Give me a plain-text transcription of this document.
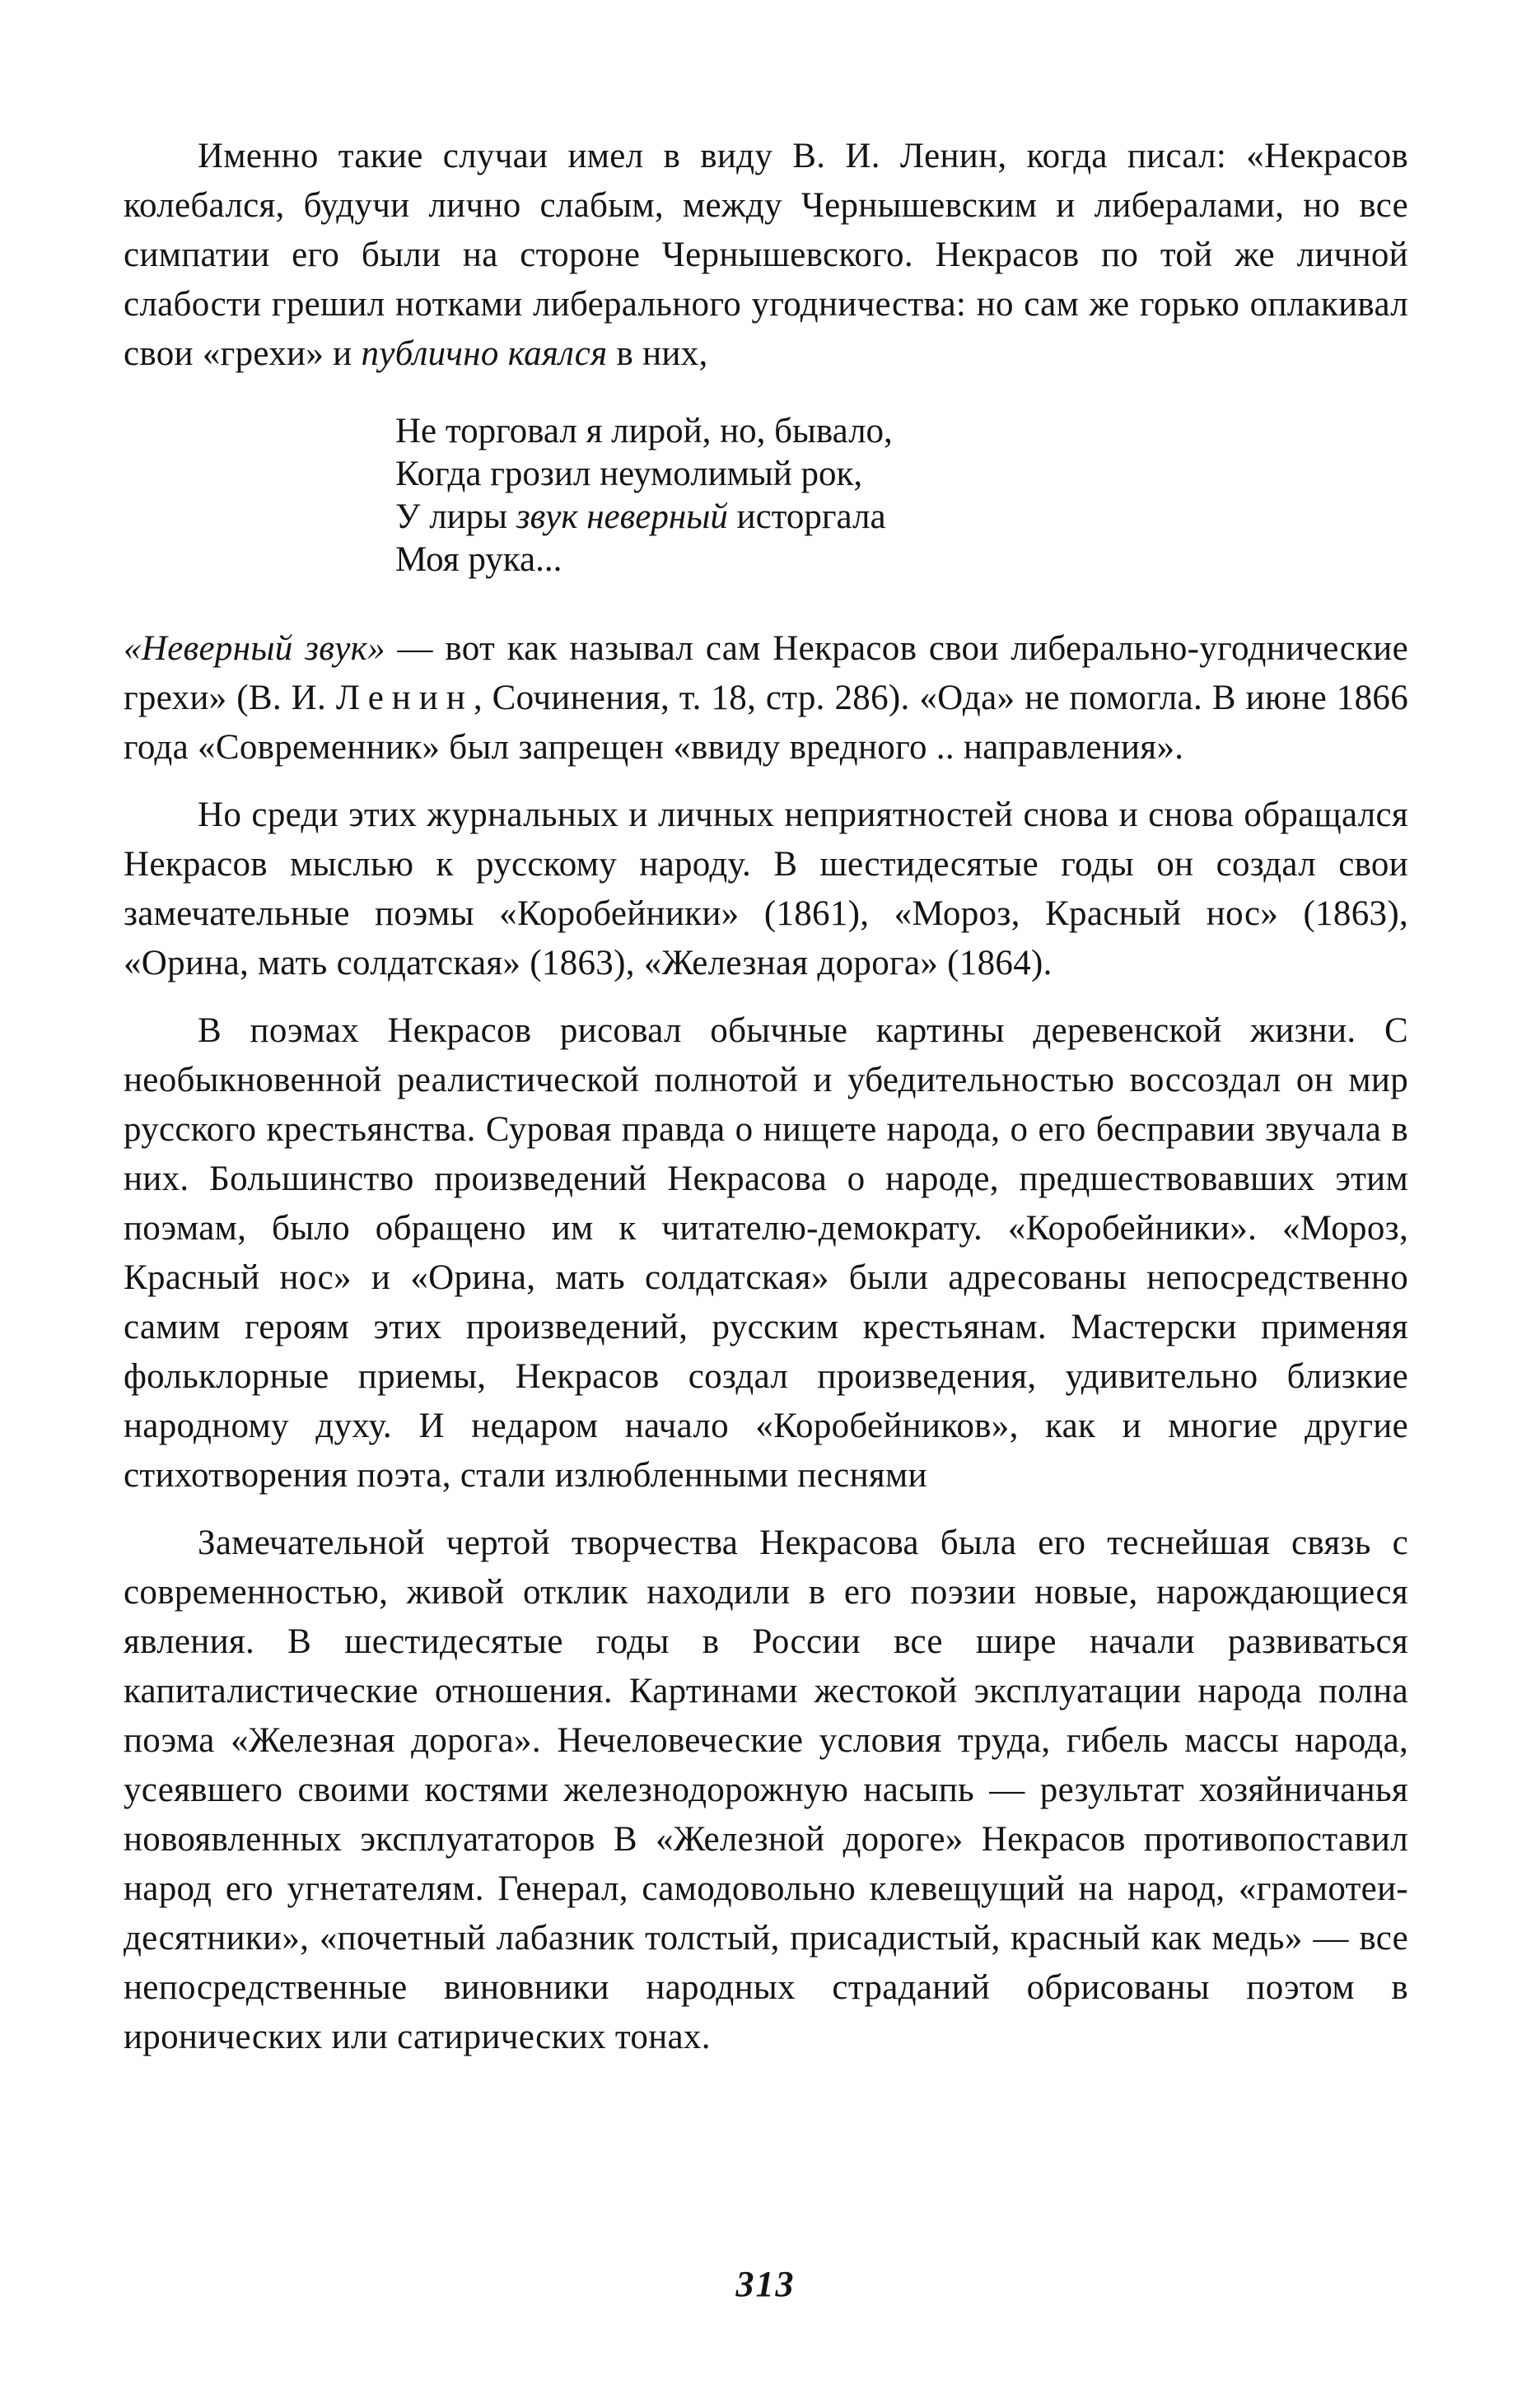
Именно такие случаи имел в виду В. И. Ленин, когда писал: «Некрасов колебался, будучи лично слабым, между Чернышевским и либералами, но все симпатии его были на стороне Чернышевского. Некрасов по той же личной слабости грешил нотками либерального угодничества: но сам же горько оплакивал свои «грехи» и публично каялся в них,

Не торговал я лирой, но, бывало,
Когда грозил неумолимый рок,
У лиры звук неверный исторгала
Моя рука...

«Неверный звук» — вот как называл сам Некрасов свои либерально-угоднические грехи» (В. И. Ленин, Сочинения, т. 18, стр. 286). «Ода» не помогла. В июне 1866 года «Современник» был запрещен «ввиду вредного .. направления».

Но среди этих журнальных и личных неприятностей снова и снова обращался Некрасов мыслью к русскому народу. В шестидесятые годы он создал свои замечательные поэмы «Коробейники» (1861), «Мороз, Красный нос» (1863), «Орина, мать солдатская» (1863), «Железная дорога» (1864).

В поэмах Некрасов рисовал обычные картины деревенской жизни. С необыкновенной реалистической полнотой и убедительностью воссоздал он мир русского крестьянства. Суровая правда о нищете народа, о его бесправии звучала в них. Большинство произведений Некрасова о народе, предшествовавших этим поэмам, было обращено им к читателю-демократу. «Коробейники». «Мороз, Красный нос» и «Орина, мать солдатская» были адресованы непосредственно самим героям этих произведений, русским крестьянам. Мастерски применяя фольклорные приемы, Некрасов создал произведения, удивительно близкие народному духу. И недаром начало «Коробейников», как и многие другие стихотворения поэта, стали излюбленными песнями

Замечательной чертой творчества Некрасова была его теснейшая связь с современностью, живой отклик находили в его поэзии новые, нарождающиеся явления. В шестидесятые годы в России все шире начали развиваться капиталистические отношения. Картинами жестокой эксплуатации народа полна поэма «Железная дорога». Нечеловеческие условия труда, гибель массы народа, усеявшего своими костями железнодорожную насыпь — результат хозяйничанья новоявленных эксплуататоров В «Железной дороге» Некрасов противопоставил народ его угнетателям. Генерал, самодовольно клевещущий на народ, «грамотеи-десятники», «почетный лабазник толстый, присадистый, красный как медь» — все непосредственные виновники народных страданий обрисованы поэтом в иронических или сатирических тонах.

313
